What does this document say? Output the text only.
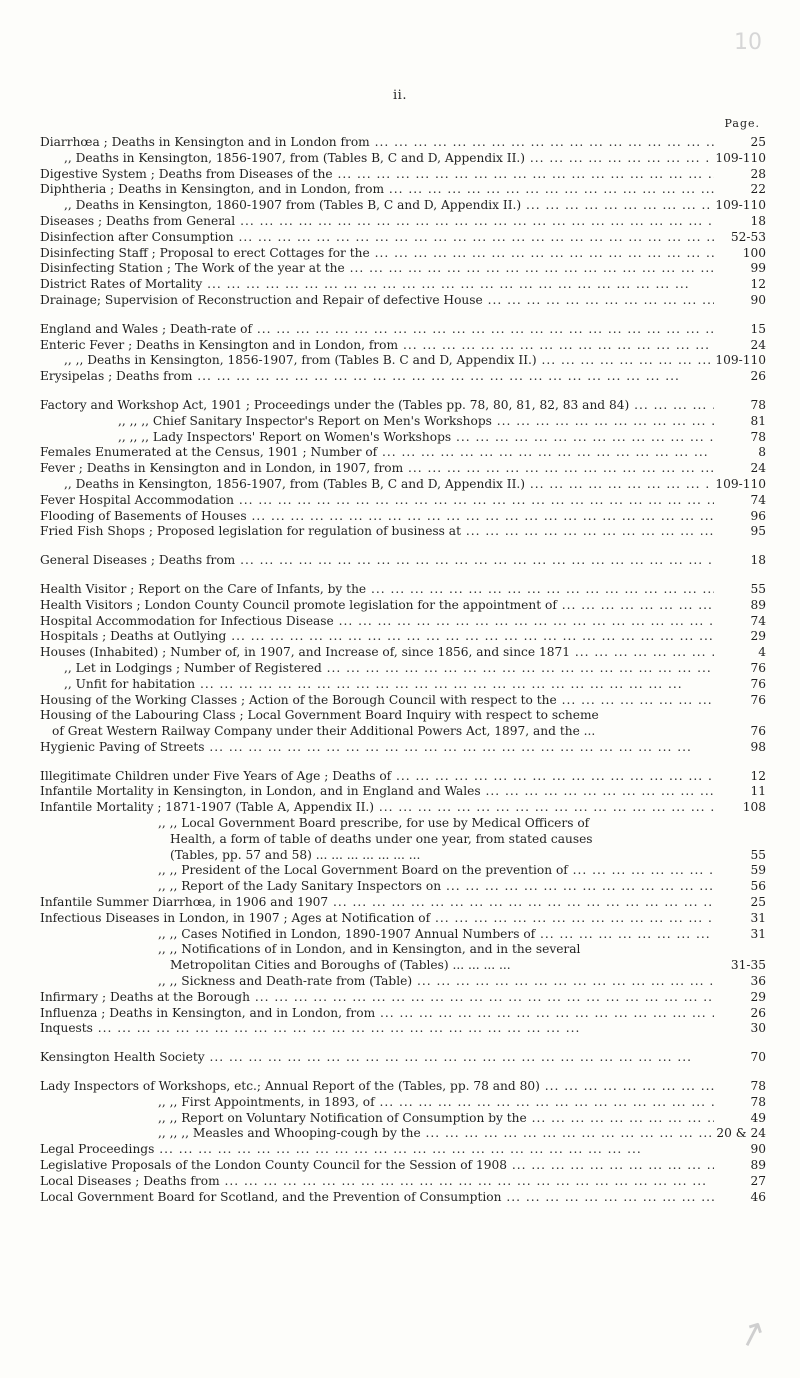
10
ii.
Page.
Diarrhœa ; Deaths in Kensington and in London from ... .	25
,, Deaths in Kensington, 1856-1907, from (Tables B, C and D, Appendix II.) ... .	109-110
Digestive System ; Deaths from Diseases of the ... .	28
Diphtheria ; Deaths in Kensington, and in London, from ... .	22
,, Deaths in Kensington, 1860-1907 from (Tables B, C and D, Appendix II.) ... .	109-110
Diseases ; Deaths from General ... .	18
Disinfection after Consumption ... .	52-53
Disinfecting Staff ; Proposal to erect Cottages for the ... .	100
Disinfecting Station ; The Work of the year at the ... .	99
District Rates of Mortality ... .	12
Drainage; Supervision of Reconstruction and Repair of defective House ... .	90
England and Wales ; Death-rate of ... .	15
Enteric Fever ; Deaths in Kensington and in London, from ... .	24
,, ,, Deaths in Kensington, 1856-1907, from (Tables B. C and D, Appendix II.) ... .	109-110
Erysipelas ; Deaths from ... .	26
Factory and Workshop Act, 1901 ; Proceedings under the (Tables pp. 78, 80, 81, 82, 83 and 84) ... .	78
,, ,, ,, Chief Sanitary Inspector's Report on Men's Workshops ... .	81
,, ,, ,, Lady Inspectors' Report on Women's Workshops ... .	78
Females Enumerated at the Census, 1901 ; Number of ... .	8
Fever ; Deaths in Kensington and in London, in 1907, from ... .	24
,, Deaths in Kensington, 1856-1907, from (Tables B, C and D, Appendix II.) ... .	109-110
Fever Hospital Accommodation ... .	74
Flooding of Basements of Houses ... .	96
Fried Fish Shops ; Proposed legislation for regulation of business at ... .	95
General Diseases ; Deaths from ... .	18
Health Visitor ; Report on the Care of Infants, by the ... .	55
Health Visitors ; London County Council promote legislation for the appointment of ... .	89
Hospital Accommodation for Infectious Disease ... .	74
Hospitals ; Deaths at Outlying ... .	29
Houses (Inhabited) ; Number of, in 1907, and Increase of, since 1856, and since 1871 ... .	4
,, Let in Lodgings ; Number of Registered ... .	76
,, Unfit for habitation ... .	76
Housing of the Working Classes ; Action of the Borough Council with respect to the ... .	76
Housing of the Labouring Class ; Local Government Board Inquiry with respect to scheme
of Great Western Railway Company under their Additional Powers Act, 1897, and the ...	76
Hygienic Paving of Streets ... .	98
Illegitimate Children under Five Years of Age ; Deaths of ... .	12
Infantile Mortality in Kensington, in London, and in England and Wales ... .	11
Infantile Mortality ; 1871-1907 (Table A, Appendix II.) ... .	108
,, ,, Local Government Board prescribe, for use by Medical Officers of
Health, a form of table of deaths under one year, from stated causes
(Tables, pp. 57 and 58) ... ... ... ... ... ... ...	55
,, ,, President of the Local Government Board on the prevention of ... .	59
,, ,, Report of the Lady Sanitary Inspectors on ... .	56
Infantile Summer Diarrhœa, in 1906 and 1907 ... .	25
Infectious Diseases in London, in 1907 ; Ages at Notification of ... .	31
,, ,, Cases Notified in London, 1890-1907 Annual Numbers of ... .	31
,, ,, Notifications of in London, and in Kensington, and in the several
Metropolitan Cities and Boroughs of (Tables) ... ... ... ...	31-35
,, ,, Sickness and Death-rate from (Table) ... .	36
Infirmary ; Deaths at the Borough ... .	29
Influenza ; Deaths in Kensington, and in London, from ... .	26
Inquests ... .	30
Kensington Health Society ... .	70
Lady Inspectors of Workshops, etc.; Annual Report of the (Tables, pp. 78 and 80) ... .	78
,, ,, First Appointments, in 1893, of ... .	78
,, ,, Report on Voluntary Notification of Consumption by the ... .	49
,, ,, ,, Measles and Whooping-cough by the ... .	20 & 24
Legal Proceedings ... .	90
Legislative Proposals of the London County Council for the Session of 1908 ... .	89
Local Diseases ; Deaths from ... .	27
Local Government Board for Scotland, and the Prevention of Consumption ... .	46
↗
